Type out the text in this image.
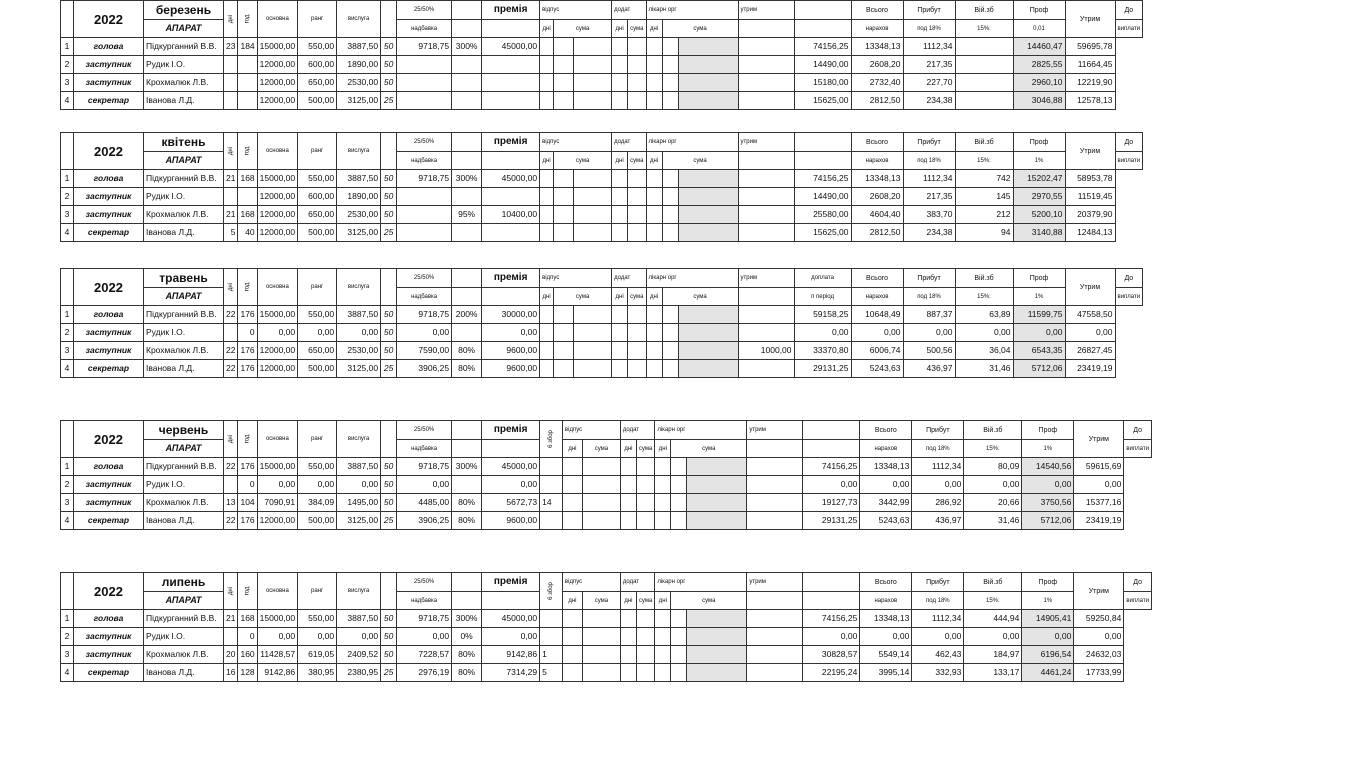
	2022	березень	дні	год	основна	ранг	вислуга		25/50%		премія	відпус			додат		лікарн орг			утрим		Всього	Прибут	Вій.зб	Проф	Утрим	До
		АПАРАТ							надбавка			дні	сума		дні	сума	дні	сума				нарахов	под 18%	15%:	0,01		виплати
1	голова	Підкурганний В.В.	23	184	15000,00	550,00	3887,50	50	9718,75	300%	45000,00										74156,25	13348,13	1112,34		14460,47	59695,78	
2	заступник	Рудик І.О.			12000,00	600,00	1890,00	50													14490,00	2608,20	217,35		2825,55	11664,45	
3	заступник	Крохмалюк Л.В.			12000,00	650,00	2530,00	50													15180,00	2732,40	227,70		2960,10	12219,90	
4	секретар	Іванова Л.Д.			12000,00	500,00	3125,00	25													15625,00	2812,50	234,38		3046,88	12578,13	
	2022	квітень	дні	год	основна	ранг	вислуга		25/50%		премія	відпус			додат		лікарн орг			утрим		Всього	Прибут	Вій.зб	Проф	Утрим	До
		АПАРАТ							надбавка			дні	сума		дні	сума	дні	сума				нарахов	под 18%	15%:	1%		виплати
1	голова	Підкурганний В.В.	21	168	15000,00	550,00	3887,50	50	9718,75	300%	45000,00										74156,25	13348,13	1112,34	742	15202,47	58953,78	
2	заступник	Рудик І.О.			12000,00	600,00	1890,00	50													14490,00	2608,20	217,35	145	2970,55	11519,45	
3	заступник	Крохмалюк Л.В.	21	168	12000,00	650,00	2530,00	50		95%	10400,00										25580,00	4604,40	383,70	212	5200,10	20379,90	
4	секретар	Іванова Л.Д.	5	40	12000,00	500,00	3125,00	25													15625,00	2812,50	234,38	94	3140,88	12484,13	
	2022	травень	дні	год	основна	ранг	вислуга		25/50%		премія	відпус			додат		лікарн орг			утрим	доплата	Всього	Прибут	Вій.зб	Проф	Утрим	До
		АПАРАТ							надбавка			дні	сума		дні	сума	дні	сума			п період	нарахов	под 18%	15%:	1%		виплати
1	голова	Підкурганний В.В.	22	176	15000,00	550,00	3887,50	50	9718,75	200%	30000,00										59158,25	10648,49	887,37	63,89	11599,75	47558,50	
2	заступник	Рудик І.О.		0	0,00	0,00	0,00	50	0,00		0,00										0,00	0,00	0,00	0,00	0,00	0,00	
3	заступник	Крохмалюк Л.В.	22	176	12000,00	650,00	2530,00	50	7590,00	80%	9600,00									1000,00	33370,80	6006,74	500,56	36,04	6543,35	26827,45	
4	секретар	Іванова Л.Д.	22	176	12000,00	500,00	3125,00	25	3906,25	80%	9600,00										29131,25	5243,63	436,97	31,46	5712,06	23419,19	
	2022	червень	дні	год	основна	ранг	вислуга		25/50%		премія	6 збор	відпус		додат		лікарн орг			утрим		Всього	Прибут	Вій.зб	Проф	Утрим	До
		АПАРАТ							надбавка				дні	сума	дні	сума	дні	сума				нарахов	под 18%	15%:	1%		виплати
1	голова	Підкурганний В.В.	22	176	15000,00	550,00	3887,50	50	9718,75	300%	45000,00										74156,25	13348,13	1112,34	80,09	14540,56	59615,69	
2	заступник	Рудик І.О.		0	0,00	0,00	0,00	50	0,00		0,00										0,00	0,00	0,00	0,00	0,00	0,00	
3	заступник	Крохмалюк Л.В.	13	104	7090,91	384,09	1495,00	50	4485,00	80%	5672,73	14									19127,73	3442,99	286,92	20,66	3750,56	15377,16	
4	секретар	Іванова Л.Д.	22	176	12000,00	500,00	3125,00	25	3906,25	80%	9600,00										29131,25	5243,63	436,97	31,46	5712,06	23419,19	
	2022	липень	дні	год	основна	ранг	вислуга		25/50%		премія	6 збор	відпус		додат		лікарн орг			утрим		Всього	Прибут	Вій.зб	Проф	Утрим	До
		АПАРАТ							надбавка				дні	сума	дні	сума	дні	сума				нарахов	под 18%	15%:	1%		виплати
1	голова	Підкурганний В.В.	21	168	15000,00	550,00	3887,50	50	9718,75	300%	45000,00										74156,25	13348,13	1112,34	444,94	14905,41	59250,84	
2	заступник	Рудик І.О.		0	0,00	0,00	0,00	50	0,00	0%	0,00										0,00	0,00	0,00	0,00	0,00	0,00	
3	заступник	Крохмалюк Л.В.	20	160	11428,57	619,05	2409,52	50	7228,57	80%	9142,86	1									30828,57	5549,14	462,43	184,97	6196,54	24632,03	
4	секретар	Іванова Л.Д.	16	128	9142,86	380,95	2380,95	25	2976,19	80%	7314,29	5									22195,24	3995,14	332,93	133,17	4461,24	17733,99	
